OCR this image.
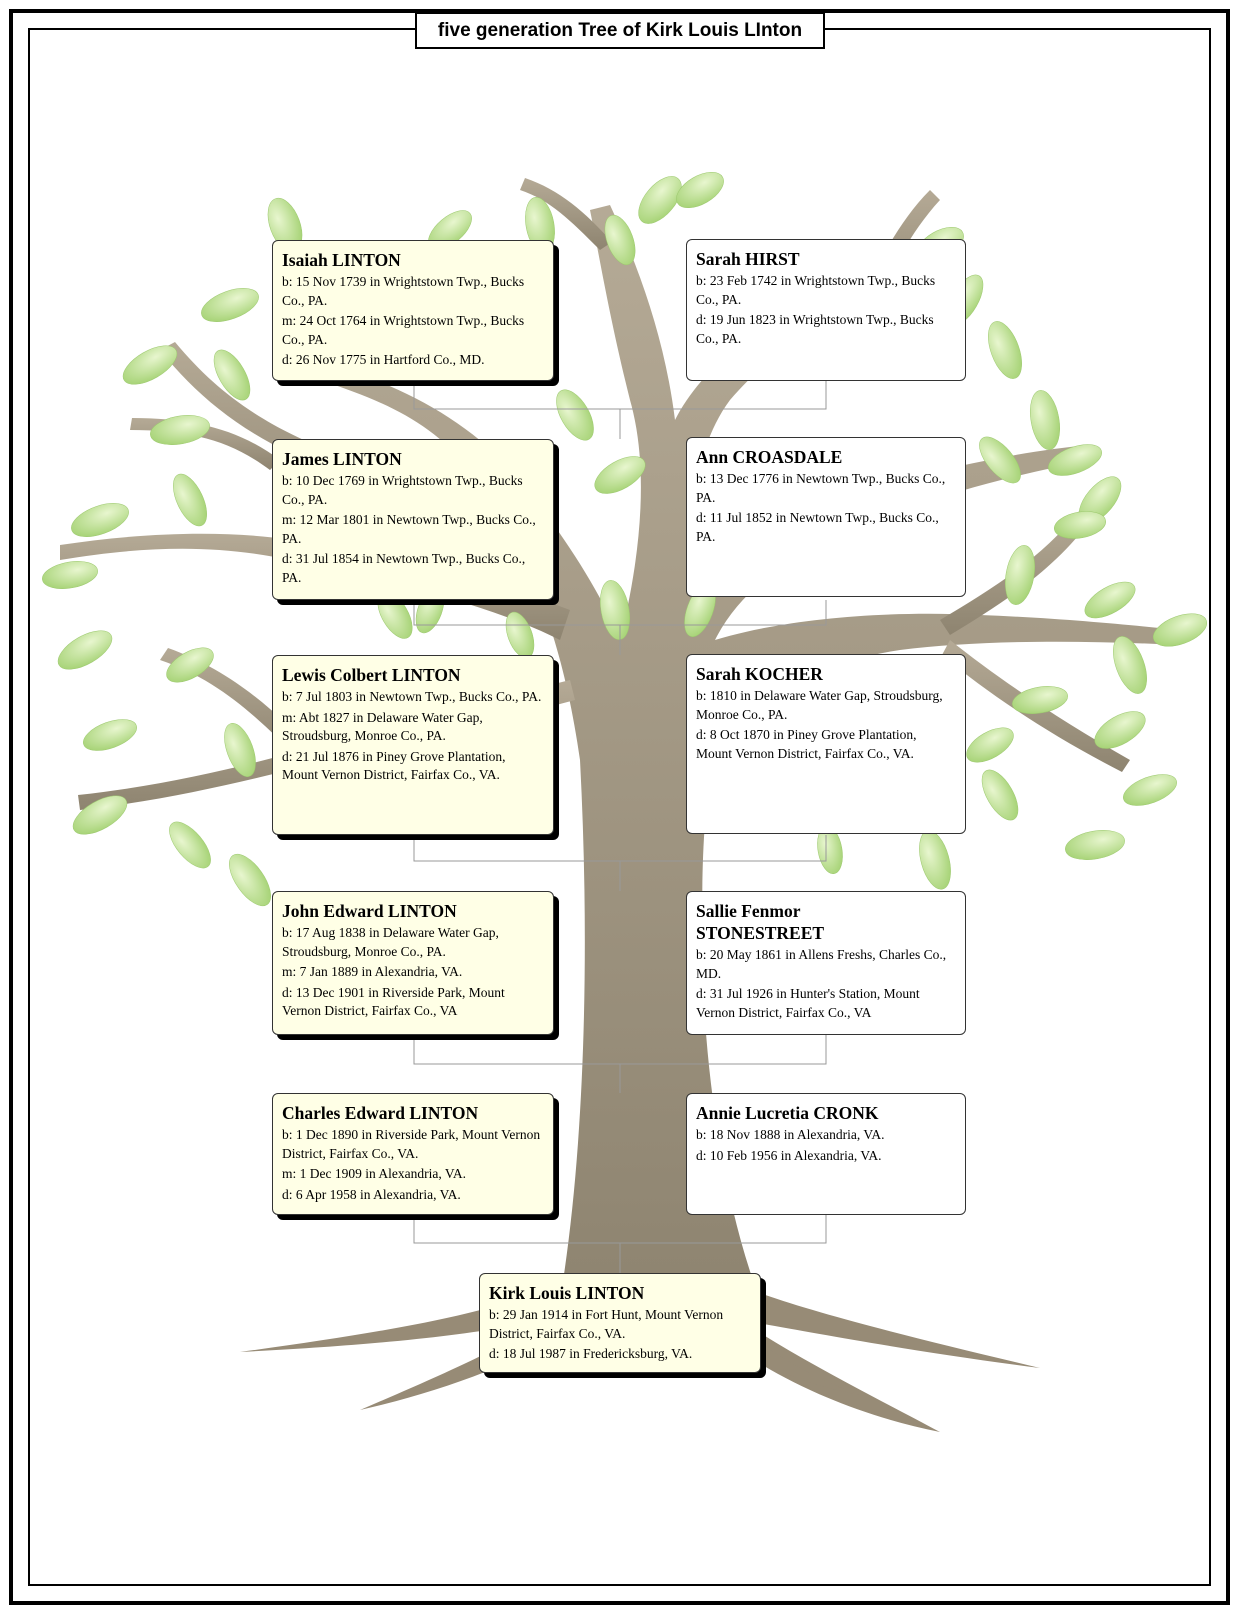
five generation Tree of Kirk Louis LInton
Isaiah LINTON
b: 15 Nov 1739 in Wrightstown Twp., Bucks Co., PA.
m: 24 Oct 1764 in Wrightstown Twp., Bucks Co., PA.
d: 26 Nov 1775 in Hartford Co., MD.
Sarah HIRST
b: 23 Feb 1742 in Wrightstown Twp., Bucks Co., PA.
d: 19 Jun 1823 in Wrightstown Twp., Bucks Co., PA.
James LINTON
b: 10 Dec 1769 in Wrightstown Twp., Bucks Co., PA.
m: 12 Mar 1801 in Newtown Twp., Bucks Co., PA.
d: 31 Jul 1854 in Newtown Twp., Bucks Co., PA.
Ann CROASDALE
b: 13 Dec 1776 in Newtown Twp., Bucks Co., PA.
d: 11 Jul 1852 in Newtown Twp., Bucks Co., PA.
Lewis Colbert LINTON
b: 7 Jul 1803 in Newtown Twp., Bucks Co., PA.
m: Abt 1827 in Delaware Water Gap, Stroudsburg, Monroe Co., PA.
d: 21 Jul 1876 in Piney Grove Plantation, Mount Vernon District, Fairfax Co., VA.
Sarah KOCHER
b: 1810 in Delaware Water Gap, Stroudsburg, Monroe Co., PA.
d: 8 Oct 1870 in Piney Grove Plantation, Mount Vernon District, Fairfax Co., VA.
John Edward LINTON
b: 17 Aug 1838 in Delaware Water Gap, Stroudsburg, Monroe Co., PA.
m: 7 Jan 1889 in Alexandria, VA.
d: 13 Dec 1901 in Riverside Park, Mount Vernon District, Fairfax Co., VA
Sallie Fenmor STONESTREET
b: 20 May 1861 in Allens Freshs, Charles Co., MD.
d: 31 Jul 1926 in Hunter's Station, Mount Vernon District, Fairfax Co., VA
Charles Edward LINTON
b: 1 Dec 1890 in Riverside Park, Mount Vernon District, Fairfax Co., VA.
m: 1 Dec 1909 in Alexandria, VA.
d: 6 Apr 1958 in Alexandria, VA.
Annie Lucretia CRONK
b: 18 Nov 1888 in Alexandria, VA.
d: 10 Feb 1956 in Alexandria, VA.
Kirk Louis LINTON
b: 29 Jan 1914 in Fort Hunt, Mount Vernon District, Fairfax Co., VA.
d: 18 Jul 1987 in Fredericksburg, VA.
